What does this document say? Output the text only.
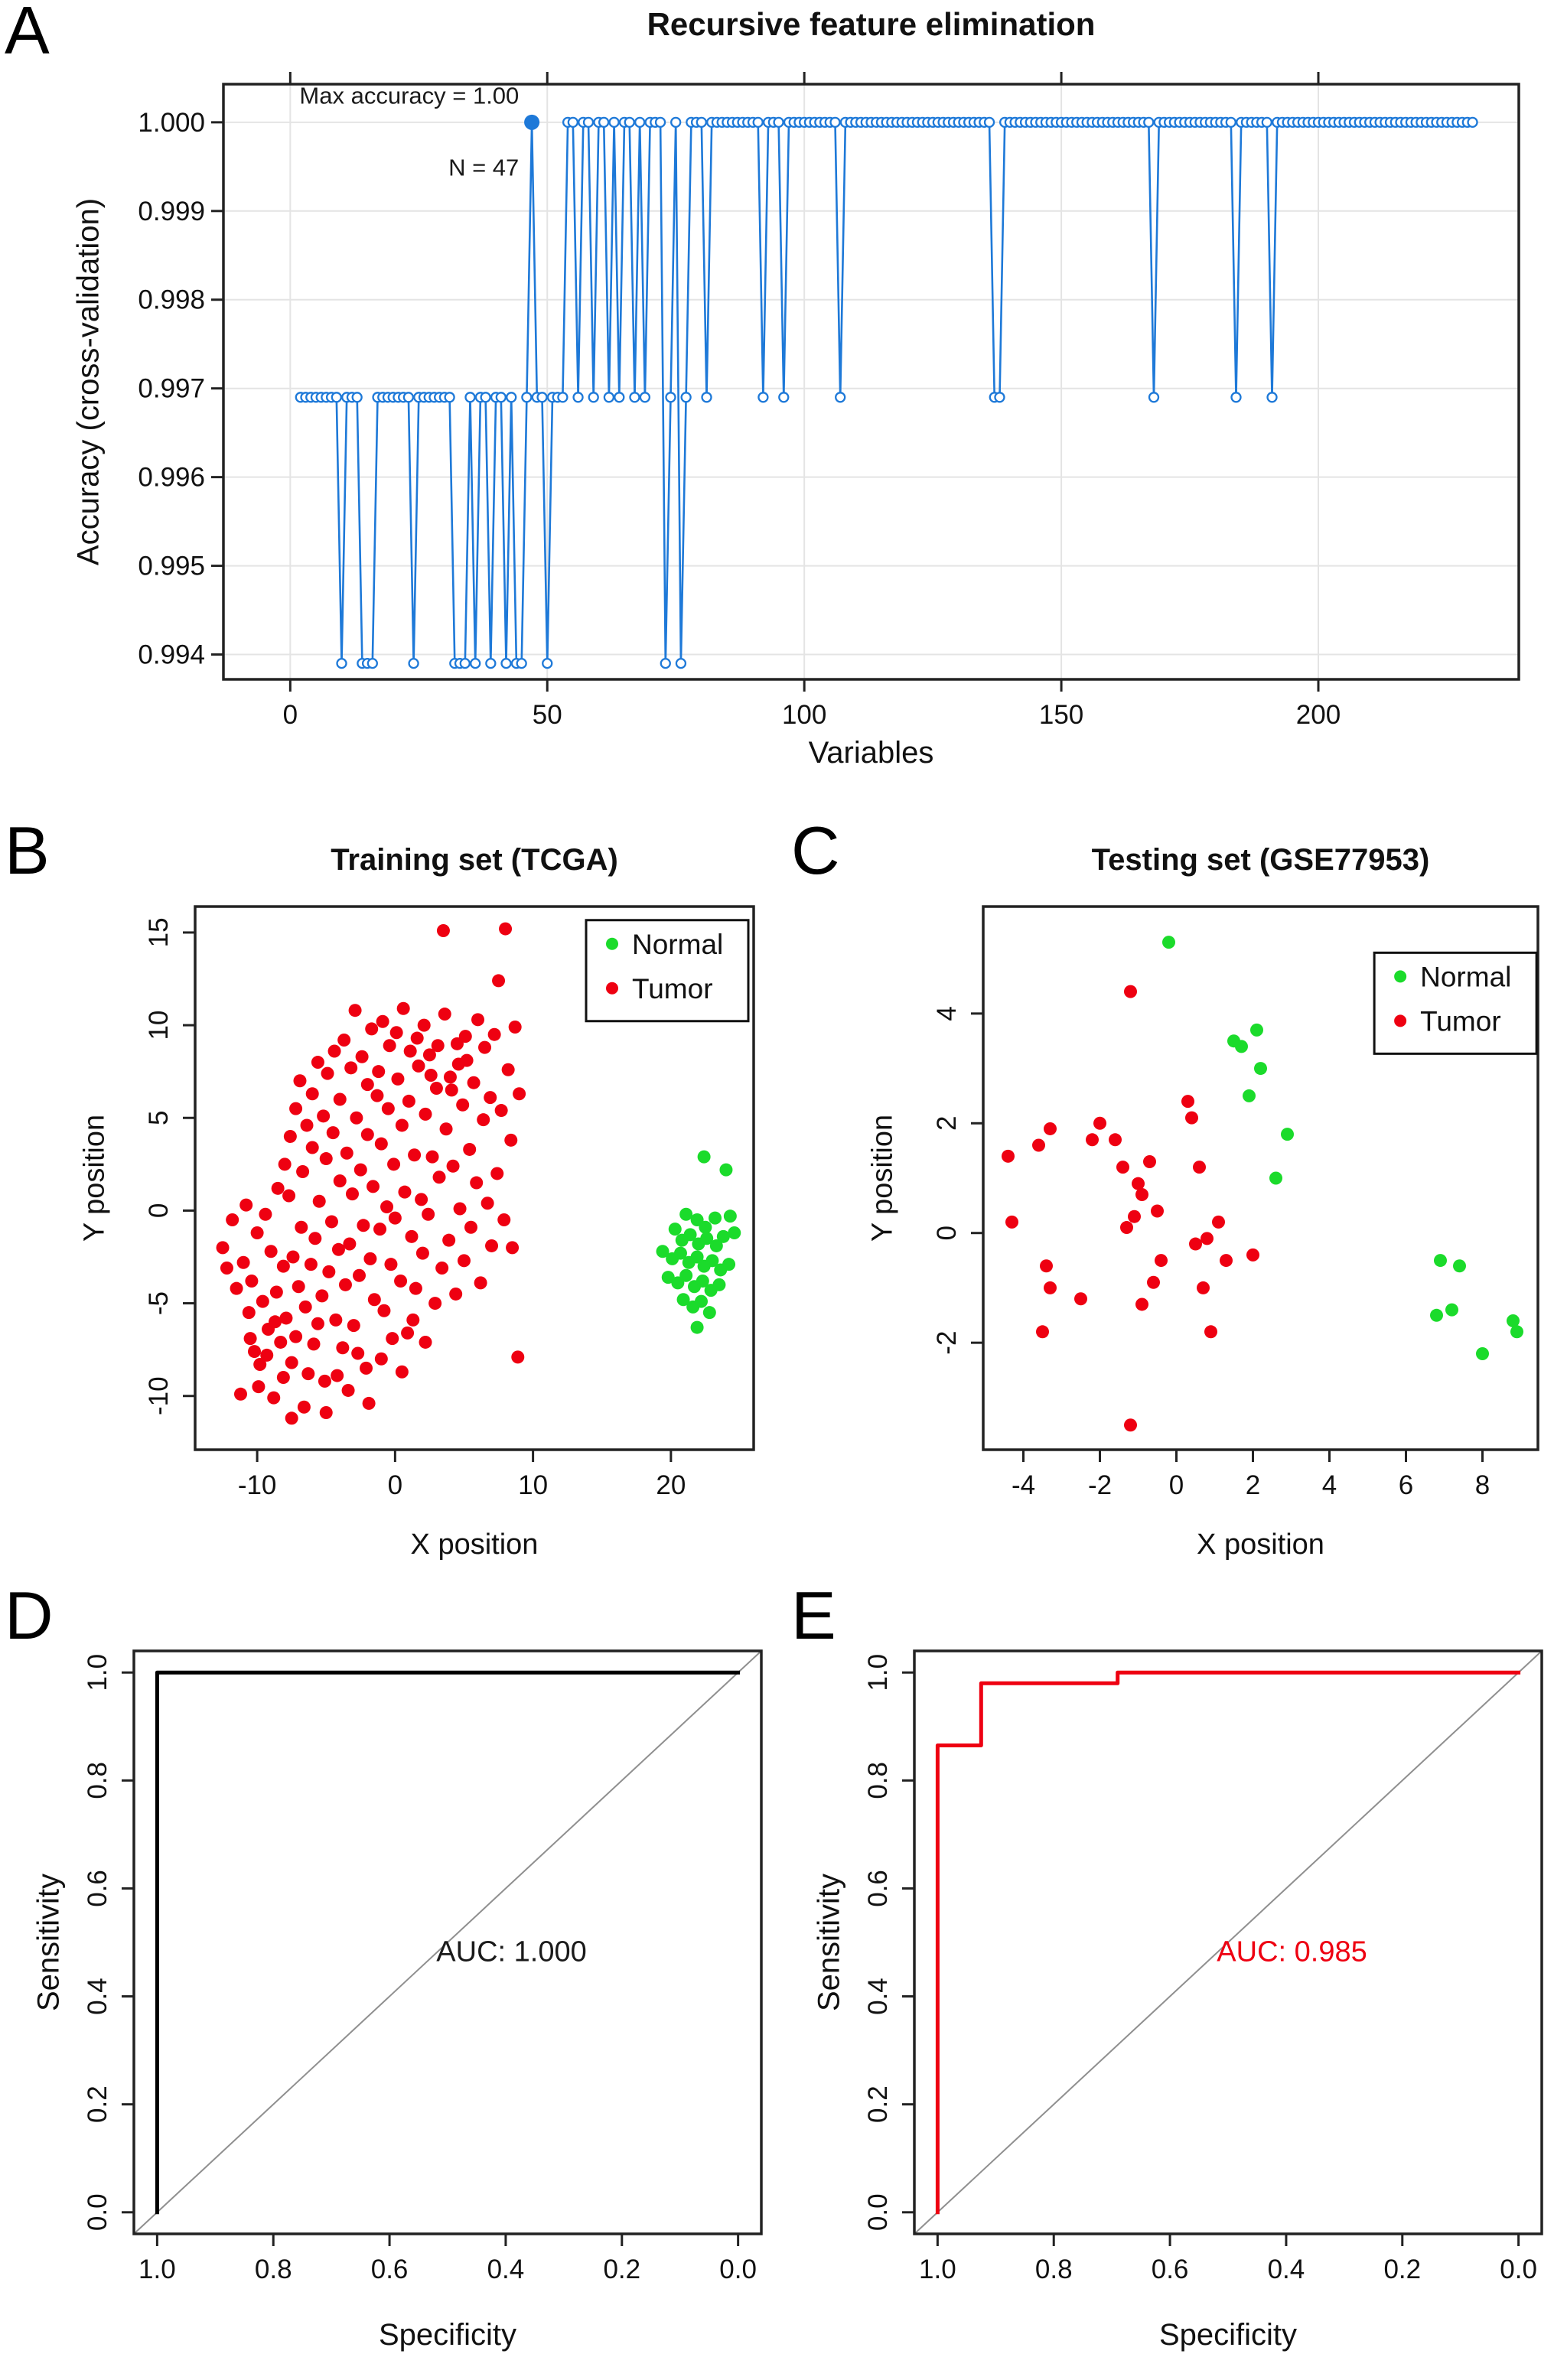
A	Recursive feature elimination
Accuracy (cross-validation)
0	50	100	150	200
0.994
0.995
0.996
0.997
0.998
0.999
1.000
Max accuracy = 1.00
N = 47
Variables
B	Training set (TCGA)
Y position
-10	0	10	20
-10
-5
0
5
10
15	Normal
Tumor
X position
C	Testing set (GSE77953)
Y position
-4 -2 0 2 4 6 8
-2
0
2
4
Normal
Tumor
X position
D
Sensitivity
1.0	0.8	0.6	0.4	0.2	0.0
0.0
0.2
0.4
0.6
0.8
1.0
AUC: 1.000
Specificity
E
Sensitivity
1.0	0.8	0.6	0.4	0.2	0.0
0.0
0.2
0.4
0.6
0.8
1.0
AUC: 0.985
Specificity
